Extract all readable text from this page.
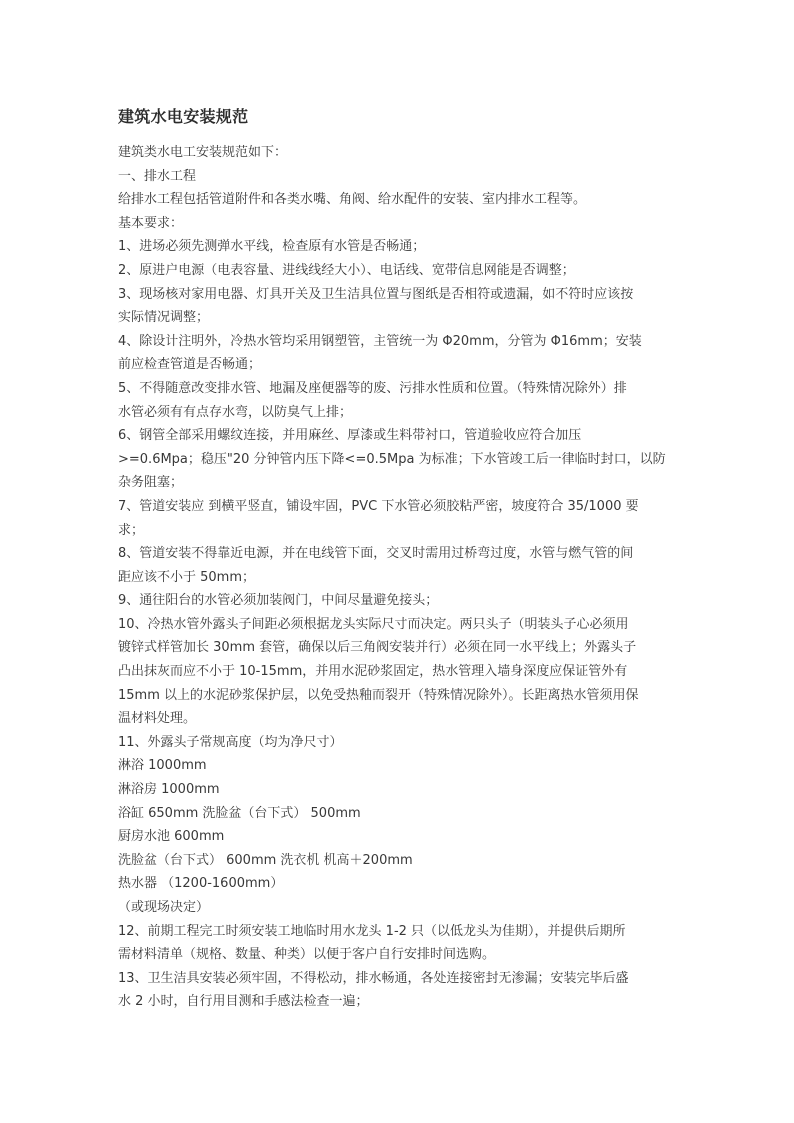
建筑水电安装规范
建筑类水电工安装规范如下：
一、排水工程
给排水工程包括管道附件和各类水嘴、角阀、给水配件的安装、室内排水工程等。
基本要求：
1、进场必须先测弹水平线，检查原有水管是否畅通；
2、原进户电源（电表容量、进线线经大小）、电话线、宽带信息网能是否调整；
3、现场核对家用电器、灯具开关及卫生洁具位置与图纸是否相符或遗漏，如不符时应该按
实际情况调整；
4、除设计注明外，冷热水管均采用钢塑管，主管统一为 Φ20mm，分管为 Φ16mm；安装
前应检查管道是否畅通；
5、不得随意改变排水管、地漏及座便器等的废、污排水性质和位置。（特殊情况除外）排
水管必须有有点存水弯，以防臭气上排；
6、钢管全部采用螺纹连接，并用麻丝、厚漆或生料带衬口，管道验收应符合加压
>=0.6Mpa；稳压"20 分钟管内压下降<=0.5Mpa 为标准；下水管竣工后一律临时封口，以防
杂务阻塞；
7、管道安装应 到横平竖直，铺设牢固，PVC 下水管必须胶粘严密，坡度符合 35/1000 要
求；
8、管道安装不得靠近电源，并在电线管下面，交叉时需用过桥弯过度，水管与燃气管的间
距应该不小于 50mm；
9、通往阳台的水管必须加装阀门，中间尽量避免接头；
10、冷热水管外露头子间距必须根据龙头实际尺寸而决定。两只头子（明装头子心必须用
镀锌式样管加长 30mm 套管，确保以后三角阀安装并行）必须在同一水平线上；外露头子
凸出抹灰而应不小于 10-15mm，并用水泥砂浆固定，热水管理入墙身深度应保证管外有
15mm 以上的水泥砂浆保护层，以免受热釉而裂开（特殊情况除外）。长距离热水管须用保
温材料处理。
11、外露头子常规高度（均为净尺寸）
淋浴 1000mm
淋浴房 1000mm
浴缸 650mm 洗脸盆（台下式） 500mm
厨房水池 600mm
洗脸盆（台下式） 600mm 洗衣机 机高＋200mm
热水器 （1200-1600mm）
（或现场决定）
12、前期工程完工时须安装工地临时用水龙头 1-2 只（以低龙头为佳期），并提供后期所
需材料清单（规格、数量、种类）以便于客户自行安排时间选购。
13、卫生洁具安装必须牢固，不得松动，排水畅通，各处连接密封无渗漏；安装完毕后盛
水 2 小时，自行用目测和手感法检查一遍；
